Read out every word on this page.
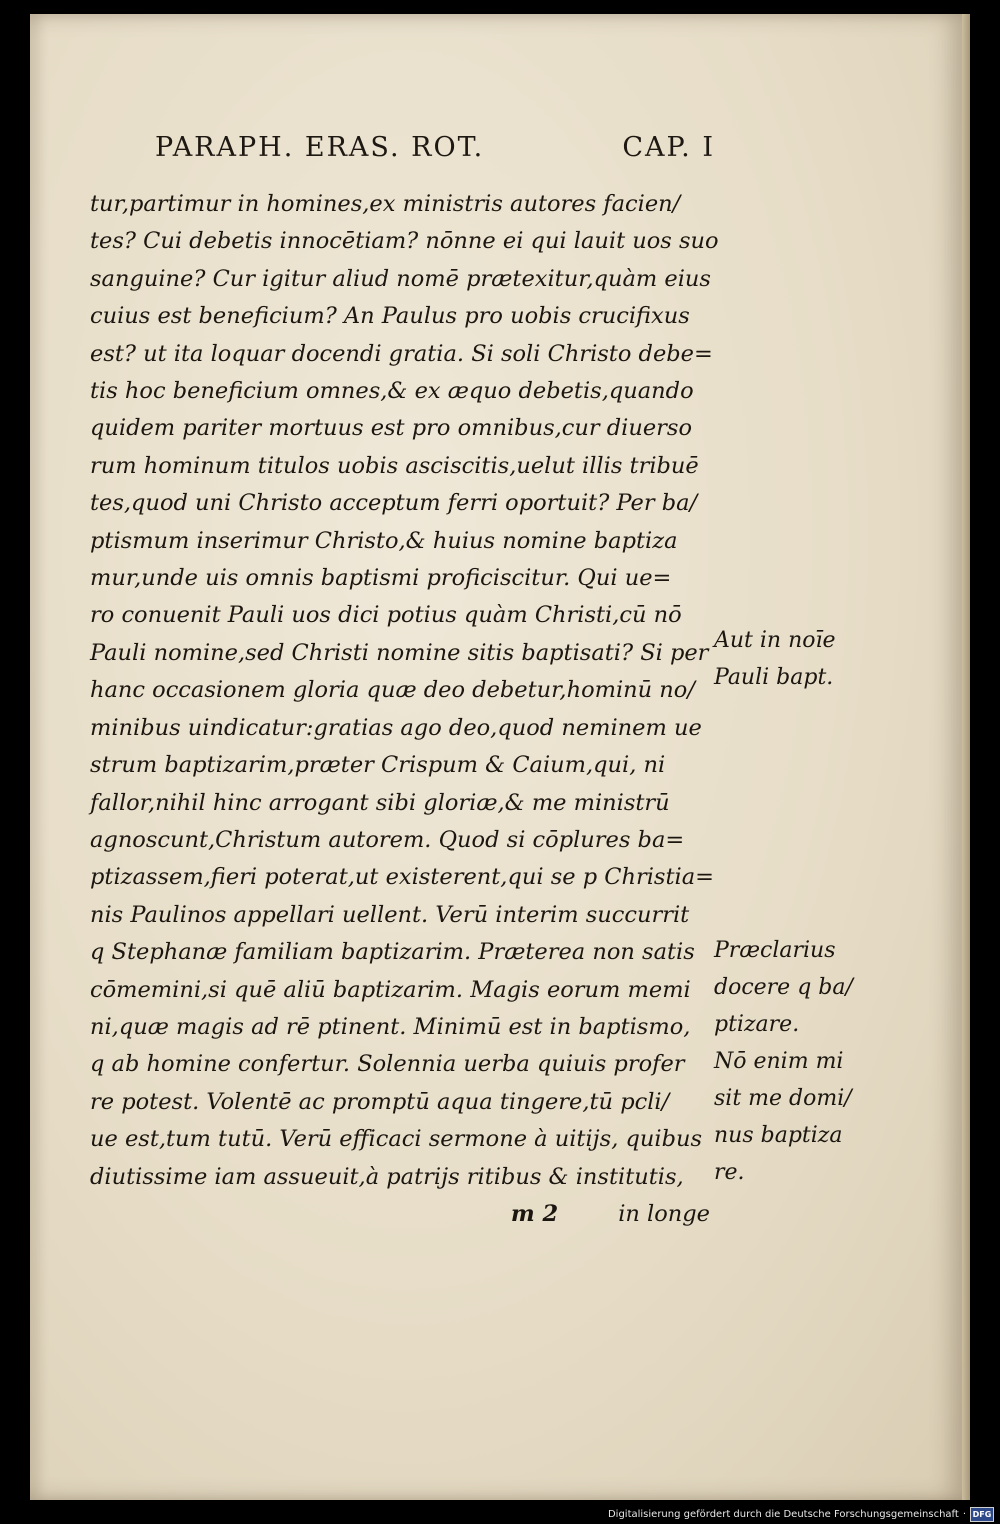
PARAPH. ERAS. ROT.	CAP. I
tur,partimur in homines,ex ministris autores facien/
tes? Cui debetis innocētiam? nōnne ei qui lauit uos suo
sanguine? Cur igitur aliud nomē prætexitur,quàm eius
cuius est beneficium? An Paulus pro uobis crucifixus
est? ut ita loquar docendi gratia. Si soli Christo debe=
tis hoc beneficium omnes,& ex æquo debetis,quando
quidem pariter mortuus est pro omnibus,cur diuerso
rum hominum titulos uobis asciscitis,uelut illis tribuē
tes,quod uni Christo acceptum ferri oportuit? Per ba/
ptismum inserimur Christo,& huius nomine baptiza
mur,unde uis omnis baptismi proficiscitur. Qui ue=
ro conuenit Pauli uos dici potius quàm Christi,cū nō
Pauli nomine,sed Christi nomine sitis baptisati? Si per
hanc occasionem gloria quæ deo debetur,hominū no/
minibus uindicatur:gratias ago deo,quod neminem ue
strum baptizarim,præter Crispum & Caium,qui, ni
fallor,nihil hinc arrogant sibi gloriæ,& me ministrū
agnoscunt,Christum autorem. Quod si cōplures ba=
ptizassem,fieri poterat,ut existerent,qui se p Christia=
nis Paulinos appellari uellent. Verū interim succurrit
q Stephanæ familiam baptizarim. Præterea non satis
cōmemini,si quē aliū baptizarim. Magis eorum memi
ni,quæ magis ad rē ptinent. Minimū est in baptismo,
q ab homine confertur. Solennia uerba quiuis profer
re potest. Volentē ac promptū aqua tingere,tū pcli/
ue est,tum tutū. Verū efficaci sermone à uitijs, quibus
diutissime iam assueuit,à patrijs ritibus & institutis,
m 2	in longe
Aut in noīe
Pauli bapt.
Præclarius
docere q ba/
ptizare.
Nō enim mi
sit me domi/
nus baptiza
re.
Digitalisierung gefördert durch die Deutsche Forschungsgemeinschaft · DFG
